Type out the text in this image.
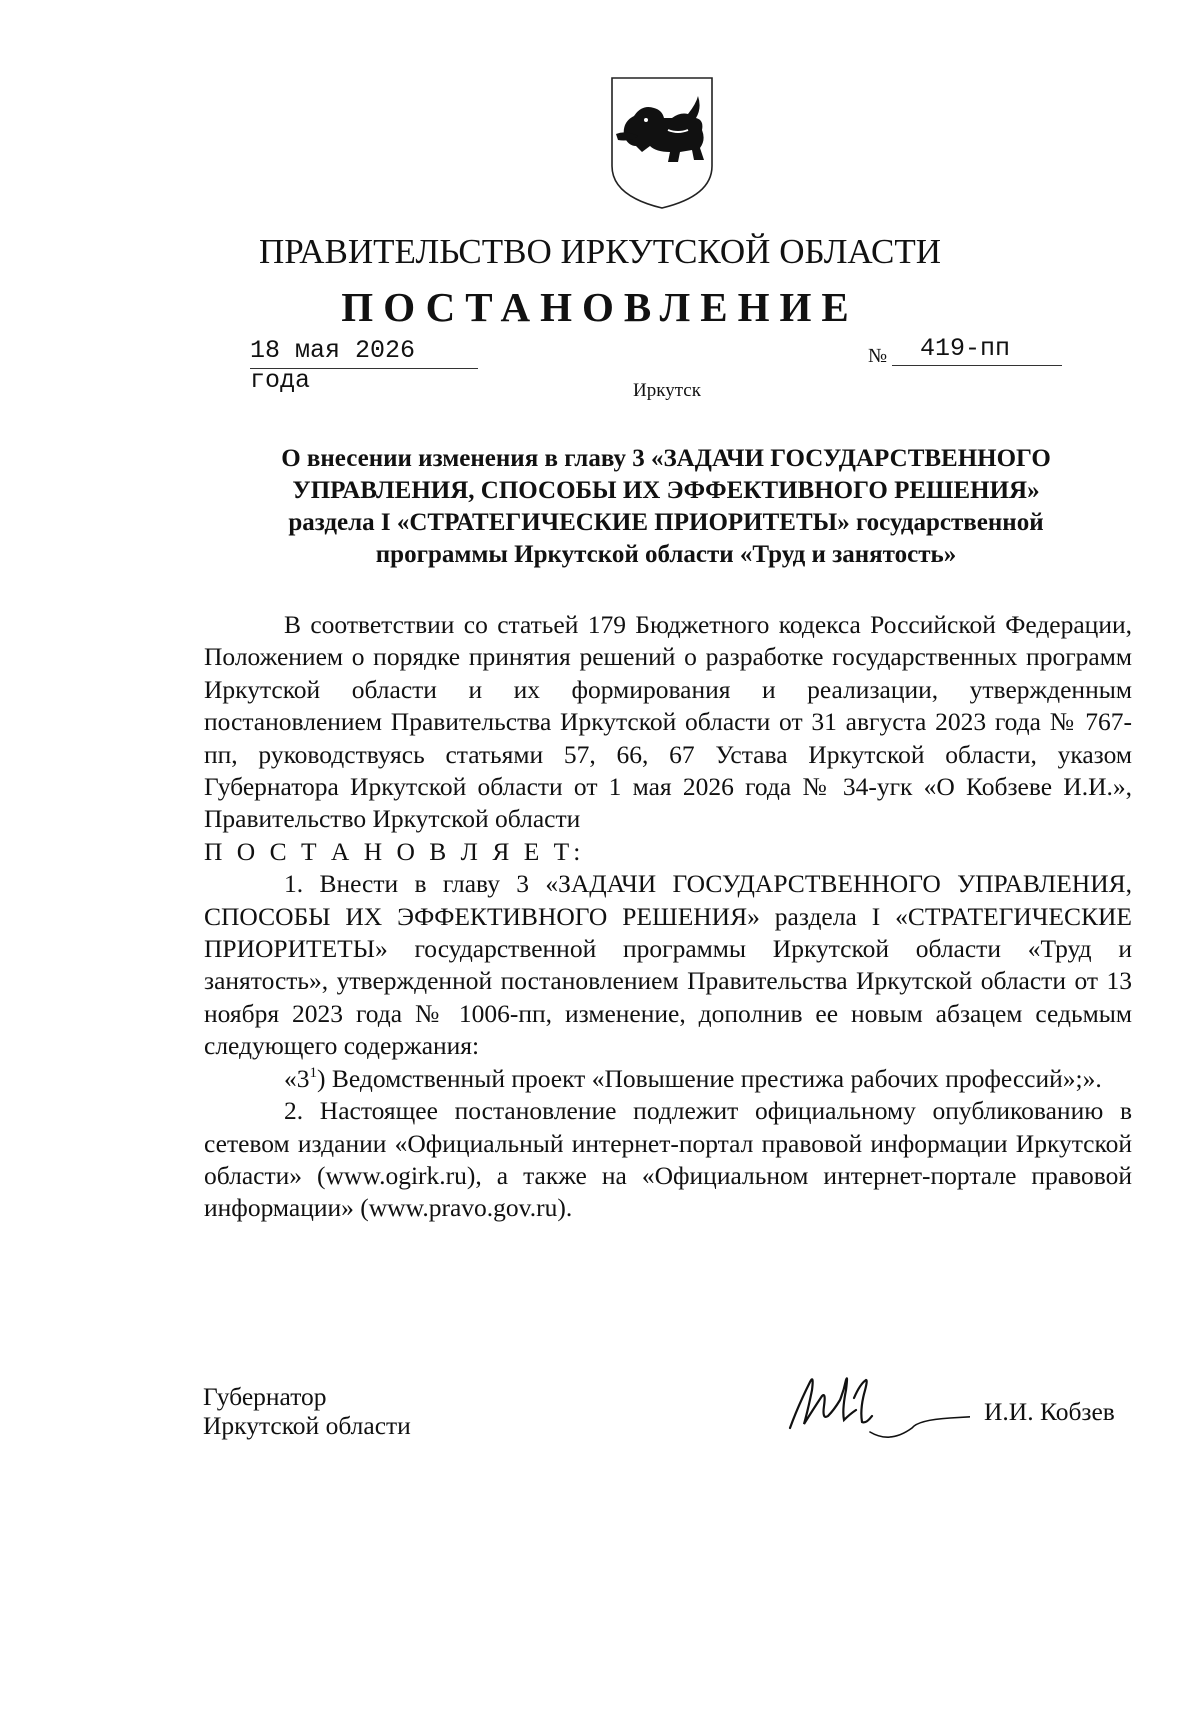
ПРАВИТЕЛЬСТВО ИРКУТСКОЙ ОБЛАСТИ
ПОСТАНОВЛЕНИЕ
18 мая 2026 года
№	419-пп
Иркутск
О внесении изменения в главу 3 «ЗАДАЧИ ГОСУДАРСТВЕННОГО
УПРАВЛЕНИЯ, СПОСОБЫ ИХ ЭФФЕКТИВНОГО РЕШЕНИЯ»
раздела I «СТРАТЕГИЧЕСКИЕ ПРИОРИТЕТЫ» государственной
программы Иркутской области «Труд и занятость»

В соответствии со статьей 179 Бюджетного кодекса Российской Федерации, Положением о порядке принятия решений о разработке государственных программ Иркутской области и их формирования и реализации, утвержденным постановлением Правительства Иркутской области от 31 августа 2023 года № 767-пп, руководствуясь статьями 57, 66, 67 Устава Иркутской области, указом Губернатора Иркутской области от 1 мая 2026 года № 34-угк «О Кобзеве И.И.», Правительство Иркутской области

П О С Т А Н О В Л Я Е Т:

1. Внести в главу 3 «ЗАДАЧИ ГОСУДАРСТВЕННОГО УПРАВЛЕНИЯ, СПОСОБЫ ИХ ЭФФЕКТИВНОГО РЕШЕНИЯ» раздела I «СТРАТЕГИЧЕСКИЕ ПРИОРИТЕТЫ» государственной программы Иркутской области «Труд и занятость», утвержденной постановлением Правительства Иркутской области от 13 ноября 2023 года № 1006-пп, изменение, дополнив ее новым абзацем седьмым следующего содержания:

«$3^1$) Ведомственный проект «Повышение престижа рабочих профессий»;».

2. Настоящее постановление подлежит официальному опубликованию в сетевом издании «Официальный интернет-портал правовой информации Иркутской области» (www.ogirk.ru), а также на «Официальном интернет-портале правовой информации» (www.pravo.gov.ru).

Губернатор
Иркутской области	И.И. Кобзев
